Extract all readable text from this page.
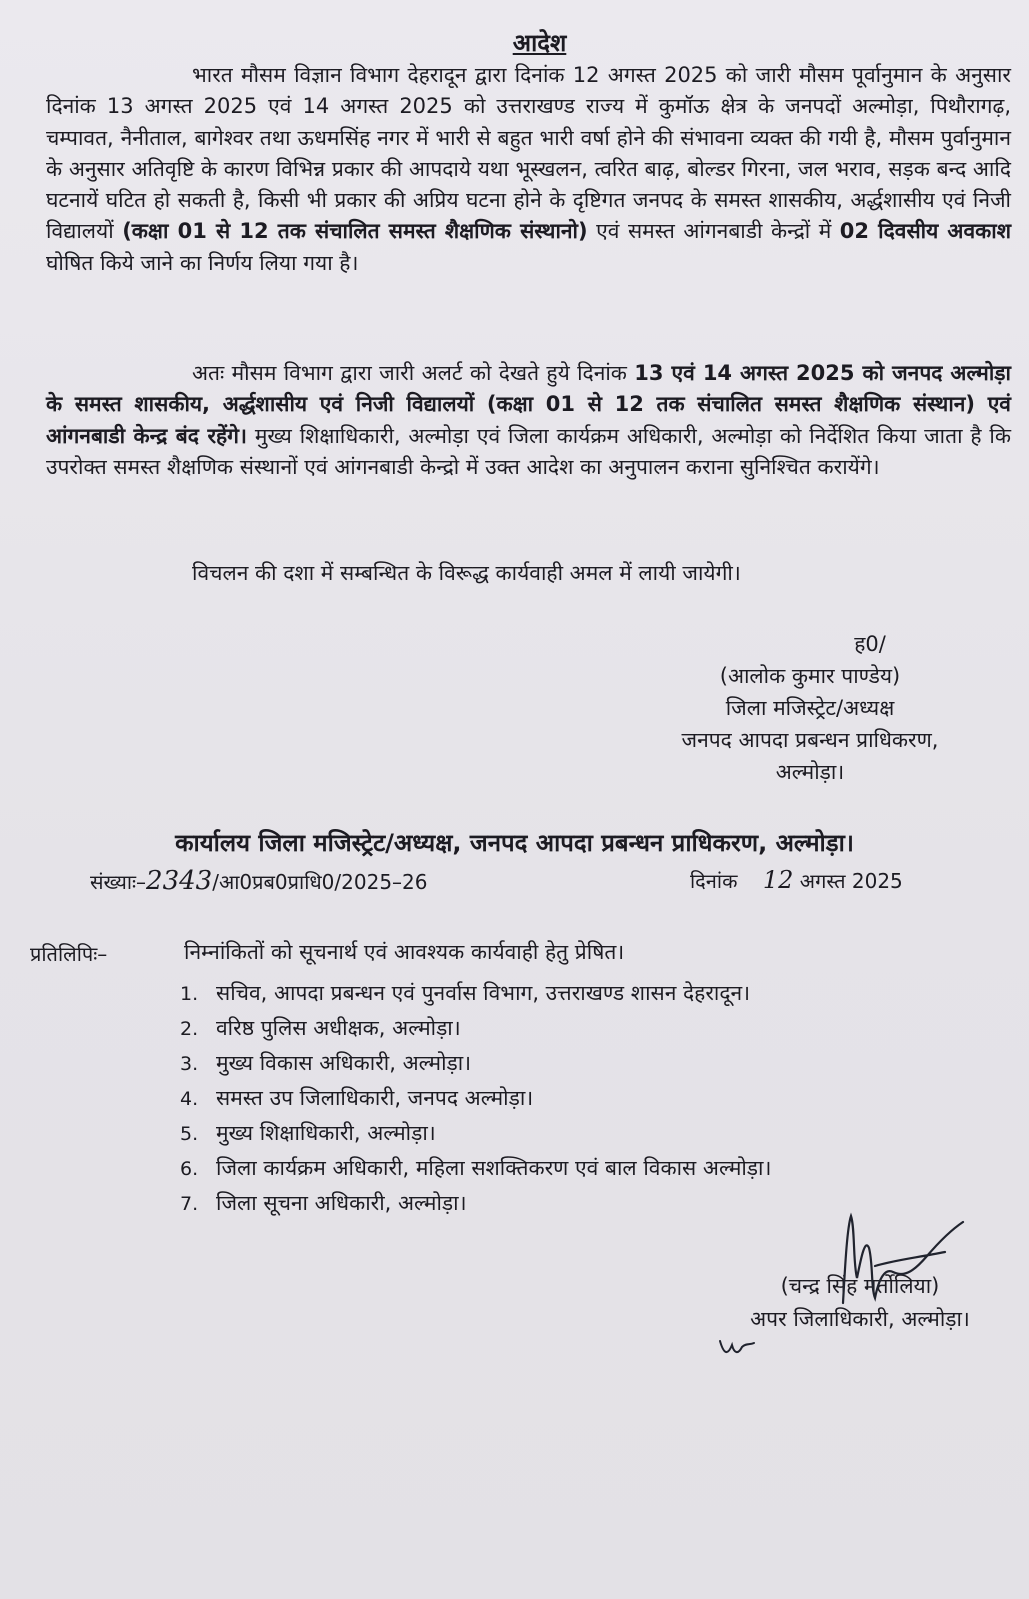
आदेश
भारत मौसम विज्ञान विभाग देहरादून द्वारा दिनांक 12 अगस्त 2025 को जारी मौसम पूर्वानुमान के अनुसार दिनांक 13 अगस्त 2025 एवं 14 अगस्त 2025 को उत्तराखण्ड राज्य में कुमॉऊ क्षेत्र के जनपदों अल्मोड़ा, पिथौरागढ़, चम्पावत, नैनीताल, बागेश्वर तथा ऊधमसिंह नगर में भारी से बहुत भारी वर्षा होने की संभावना व्यक्त की गयी है, मौसम पुर्वानुमान के अनुसार अतिवृष्टि के कारण विभिन्न प्रकार की आपदाये यथा भूस्खलन, त्वरित बाढ़, बोल्डर गिरना, जल भराव, सड़क बन्द आदि घटनायें घटित हो सकती है, किसी भी प्रकार की अप्रिय घटना होने के दृष्टिगत जनपद के समस्त शासकीय, अर्द्धशासीय एवं निजी विद्यालयों (कक्षा 01 से 12 तक संचालित समस्त शैक्षणिक संस्थानो) एवं समस्त आंगनबाडी केन्द्रों में 02 दिवसीय अवकाश घोषित किये जाने का निर्णय लिया गया है।
अतः मौसम विभाग द्वारा जारी अलर्ट को देखते हुये दिनांक 13 एवं 14 अगस्त 2025 को जनपद अल्मोड़ा के समस्त शासकीय, अर्द्धशासीय एवं निजी विद्यालयों (कक्षा 01 से 12 तक संचालित समस्त शैक्षणिक संस्थान) एवं आंगनबाडी केन्द्र बंद रहेंगे। मुख्य शिक्षाधिकारी, अल्मोड़ा एवं जिला कार्यक्रम अधिकारी, अल्मोड़ा को निर्देशित किया जाता है कि उपरोक्त समस्त शैक्षणिक संस्थानों एवं आंगनबाडी केन्द्रो में उक्त आदेश का अनुपालन कराना सुनिश्चित करायेंगे।
विचलन की दशा में सम्बन्धित के विरूद्ध कार्यवाही अमल में लायी जायेगी।
ह0/
(आलोक कुमार पाण्डेय)
जिला मजिस्ट्रेट/अध्यक्ष
जनपद आपदा प्रबन्धन प्राधिकरण,
अल्मोड़ा।
कार्यालय जिला मजिस्ट्रेट/अध्यक्ष, जनपद आपदा प्रबन्धन प्राधिकरण, अल्मोड़ा।
संख्याः–2343/आ0प्रब0प्राधि0/2025–26	दिनांक 12 अगस्त 2025
प्रतिलिपिः–	निम्नांकितों को सूचनार्थ एवं आवश्यक कार्यवाही हेतु प्रेषित।
1. सचिव, आपदा प्रबन्धन एवं पुनर्वास विभाग, उत्तराखण्ड शासन देहरादून।
2. वरिष्ठ पुलिस अधीक्षक, अल्मोड़ा।
3. मुख्य विकास अधिकारी, अल्मोड़ा।
4. समस्त उप जिलाधिकारी, जनपद अल्मोड़ा।
5. मुख्य शिक्षाधिकारी, अल्मोड़ा।
6. जिला कार्यक्रम अधिकारी, महिला सशक्तिकरण एवं बाल विकास अल्मोड़ा।
7. जिला सूचना अधिकारी, अल्मोड़ा।
(चन्द्र सिंह मर्तोलिया)
अपर जिलाधिकारी, अल्मोड़ा।
